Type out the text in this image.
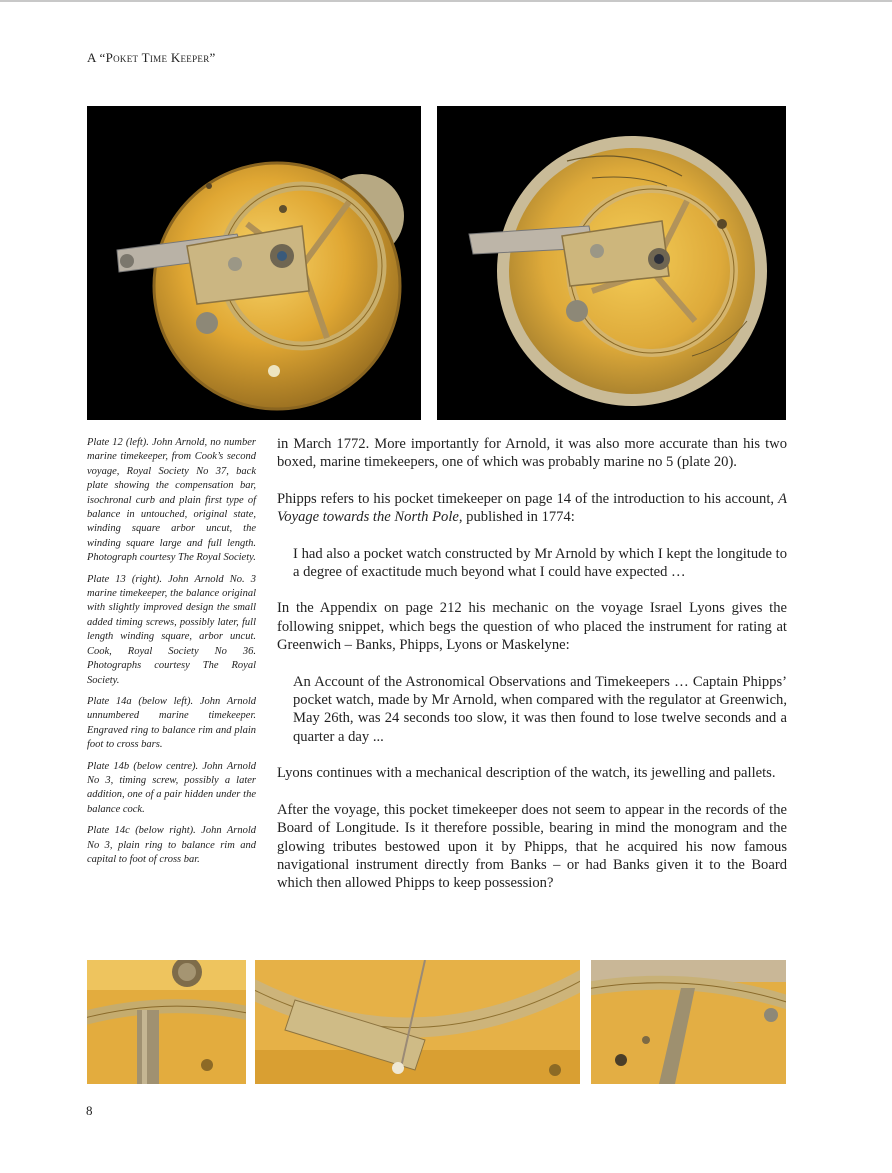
A “Poket Time Keeper”

Plate 12 (left). John Arnold, no number marine timekeeper, from Cook’s second voyage, Royal Society No 37, back plate showing the compensation bar, isochronal curb and plain first type of balance in untouched, original state, winding square arbor uncut, the winding square large and full length. Photograph courtesy The Royal Society.

Plate 13 (right). John Arnold No. 3 marine timekeeper, the balance original with slightly improved design the small added timing screws, possibly later, full length winding square, arbor uncut. Cook, Royal Society No 36. Photographs courtesy The Royal Society.

Plate 14a (below left). John Arnold unnumbered marine timekeeper. Engraved ring to balance rim and plain foot to cross bars.

Plate 14b (below centre). John Arnold No 3, timing screw, possibly a later addition, one of a pair hidden under the balance cock.

Plate 14c (below right). John Arnold No 3, plain ring to balance rim and capital to foot of cross bar.

in March 1772. More importantly for Arnold, it was also more accurate than his two boxed, marine timekeepers, one of which was probably marine no 5 (plate 20).

Phipps refers to his pocket timekeeper on page 14 of the introduction to his account, A Voyage towards the North Pole, published in 1774:

I had also a pocket watch constructed by Mr Arnold by which I kept the longitude to a degree of exactitude much beyond what I could have expected …

In the Appendix on page 212 his mechanic on the voyage Israel Lyons gives the following snippet, which begs the question of who placed the instrument for rating at Greenwich – Banks, Phipps, Lyons or Maskelyne:

An Account of the Astronomical Observations and Timekeepers … Captain Phipps’ pocket watch, made by Mr Arnold, when compared with the regulator at Greenwich, May 26th, was 24 seconds too slow, it was then found to lose twelve seconds and a quarter a day ...

Lyons continues with a mechanical description of the watch, its jewelling and pallets.

After the voyage, this pocket timekeeper does not seem to appear in the records of the Board of Longitude. Is it therefore possible, bearing in mind the monogram and the glowing tributes bestowed upon it by Phipps, that he acquired his now famous navigational instrument directly from Banks – or had Banks given it to the Board which then allowed Phipps to keep possession?

8
